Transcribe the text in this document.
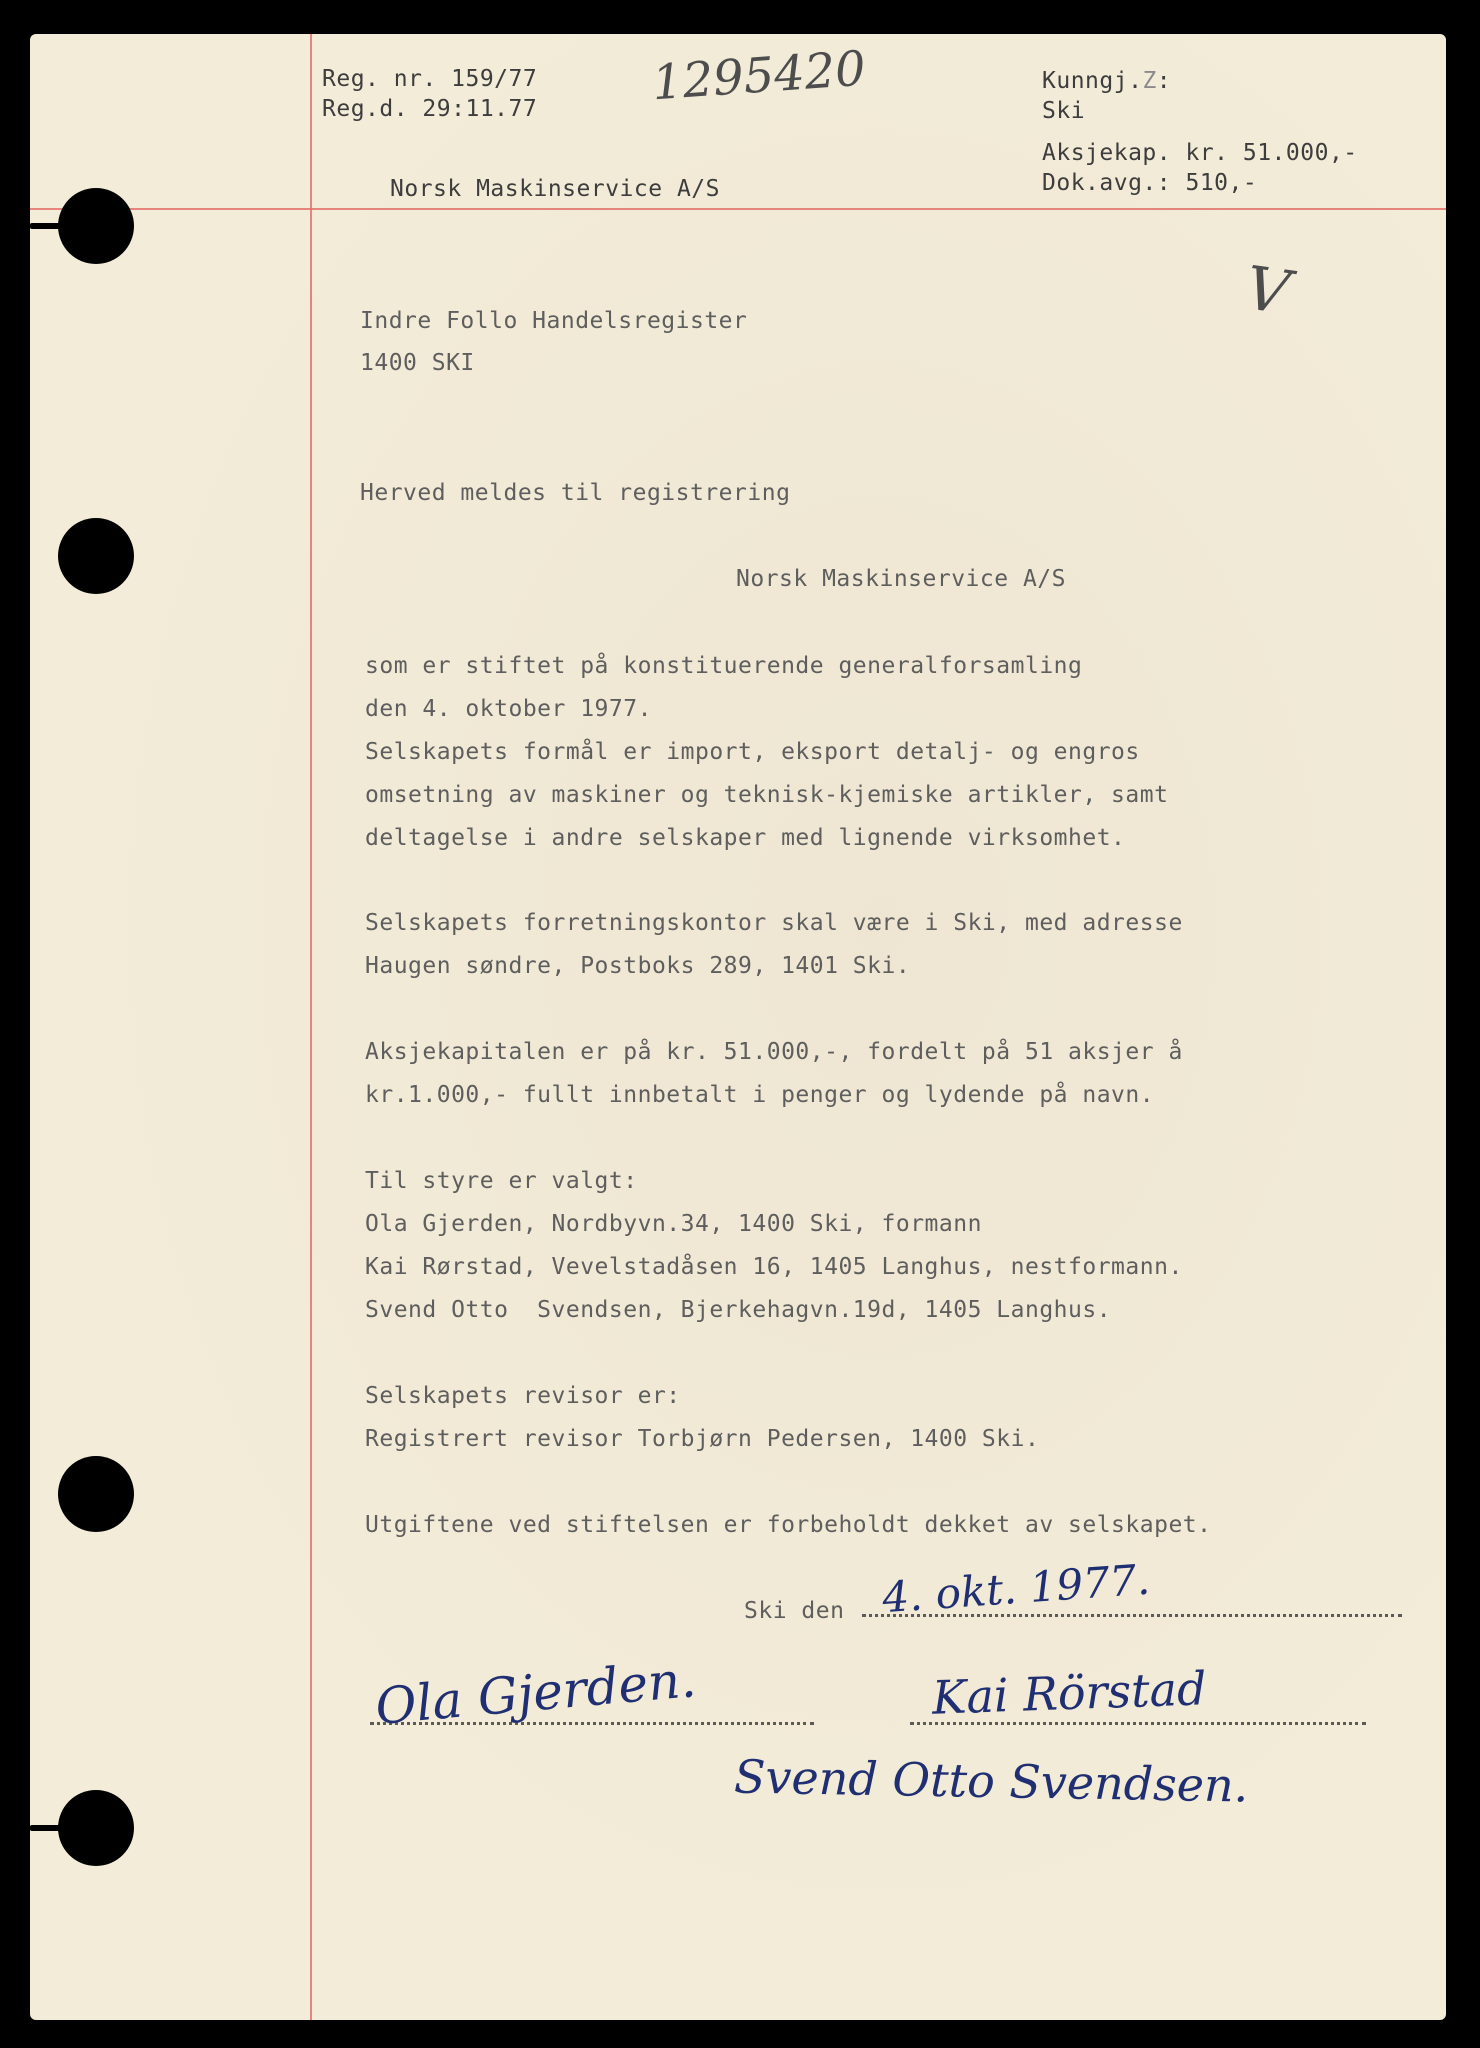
Reg. nr. 159/77
Reg.d. 29:11.77 1295420	Kunngj.Z:
Ski
Aksjekap. kr. 51.000,-
Dok.avg.: 510,-
Norsk Maskinservice A/S
V
Indre Follo Handelsregister
1400 SKI
Herved meldes til registrering
Norsk Maskinservice A/S
som er stiftet på konstituerende generalforsamling
den 4. oktober 1977.
Selskapets formål er import, eksport detalj- og engros
omsetning av maskiner og teknisk-kjemiske artikler, samt
deltagelse i andre selskaper med lignende virksomhet.
Selskapets forretningskontor skal være i Ski, med adresse
Haugen søndre, Postboks 289, 1401 Ski.
Aksjekapitalen er på kr. 51.000,-, fordelt på 51 aksjer å
kr.1.000,- fullt innbetalt i penger og lydende på navn.
Til styre er valgt:
Ola Gjerden, Nordbyvn.34, 1400 Ski, formann
Kai Rørstad, Vevelstadåsen 16, 1405 Langhus, nestformann.
Svend Otto  Svendsen, Bjerkehagvn.19d, 1405 Langhus.
Selskapets revisor er:
Registrert revisor Torbjørn Pedersen, 1400 Ski.
Utgiftene ved stiftelsen er forbeholdt dekket av selskapet.
Ski den 4. okt. 1977.
Ola Gjerden.	Kai Rörstad
Svend Otto Svendsen.
